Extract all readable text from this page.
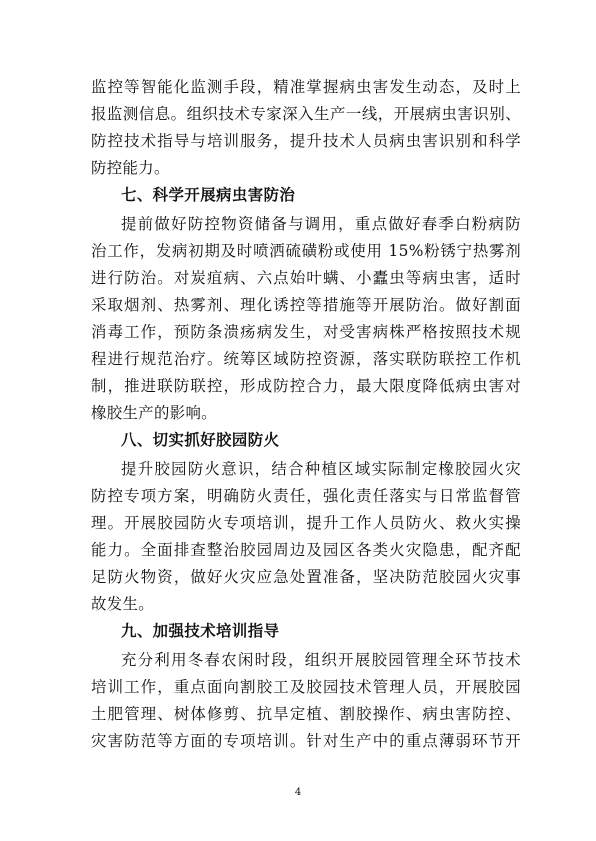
监控等智能化监测手段，精准掌握病虫害发生动态，及时上
报监测信息。组织技术专家深入生产一线，开展病虫害识别、
防控技术指导与培训服务，提升技术人员病虫害识别和科学
防控能力。
七、科学开展病虫害防治
提前做好防控物资储备与调用，重点做好春季白粉病防
治工作，发病初期及时喷洒硫磺粉或使用 15%粉锈宁热雾剂
进行防治。对炭疽病、六点始叶螨、小蠹虫等病虫害，适时
采取烟剂、热雾剂、理化诱控等措施等开展防治。做好割面
消毒工作，预防条溃疡病发生，对受害病株严格按照技术规
程进行规范治疗。统筹区域防控资源，落实联防联控工作机
制，推进联防联控，形成防控合力，最大限度降低病虫害对
橡胶生产的影响。
八、切实抓好胶园防火
提升胶园防火意识，结合种植区域实际制定橡胶园火灾
防控专项方案，明确防火责任，强化责任落实与日常监督管
理。开展胶园防火专项培训，提升工作人员防火、救火实操
能力。全面排查整治胶园周边及园区各类火灾隐患，配齐配
足防火物资，做好火灾应急处置准备，坚决防范胶园火灾事
故发生。
九、加强技术培训指导
充分利用冬春农闲时段，组织开展胶园管理全环节技术
培训工作，重点面向割胶工及胶园技术管理人员，开展胶园
土肥管理、树体修剪、抗旱定植、割胶操作、病虫害防控、
灾害防范等方面的专项培训。针对生产中的重点薄弱环节开
4
